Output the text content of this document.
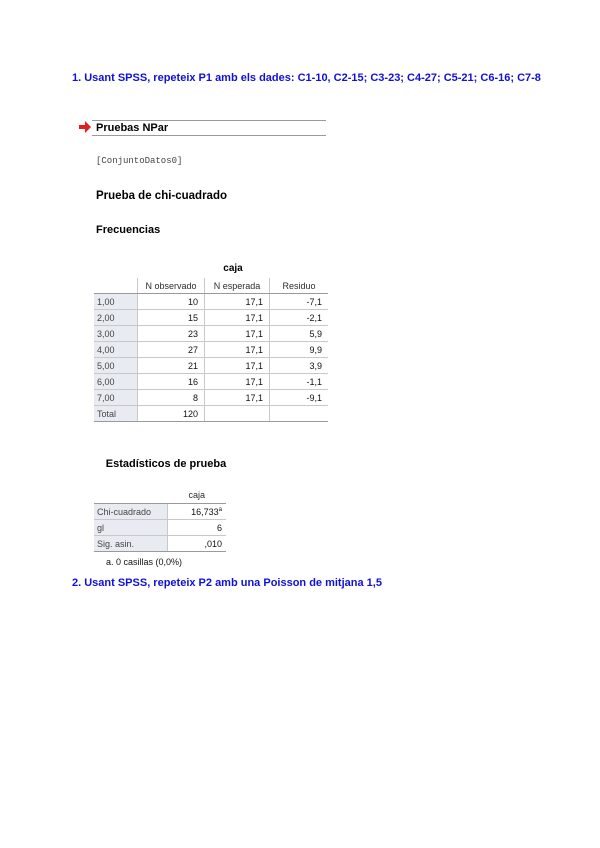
1. Usant SPSS, repeteix P1 amb els dades: C1-10, C2-15; C3-23; C4-27; C5-21; C6-16; C7-8
Pruebas NPar
[ConjuntoDatos0]
Prueba de chi-cuadrado
Frecuencias
caja
	N observado	N esperada	Residuo
1,00	10	17,1	-7,1
2,00	15	17,1	-2,1
3,00	23	17,1	5,9
4,00	27	17,1	9,9
5,00	21	17,1	3,9
6,00	16	17,1	-1,1
7,00	8	17,1	-9,1
Total	120		
Estadísticos de prueba
	caja
Chi-cuadrado	16,733$^a$
gl	6
Sig. asin.	,010
a. 0 casillas (0,0%)
2. Usant SPSS, repeteix P2 amb una Poisson de mitjana 1,5
